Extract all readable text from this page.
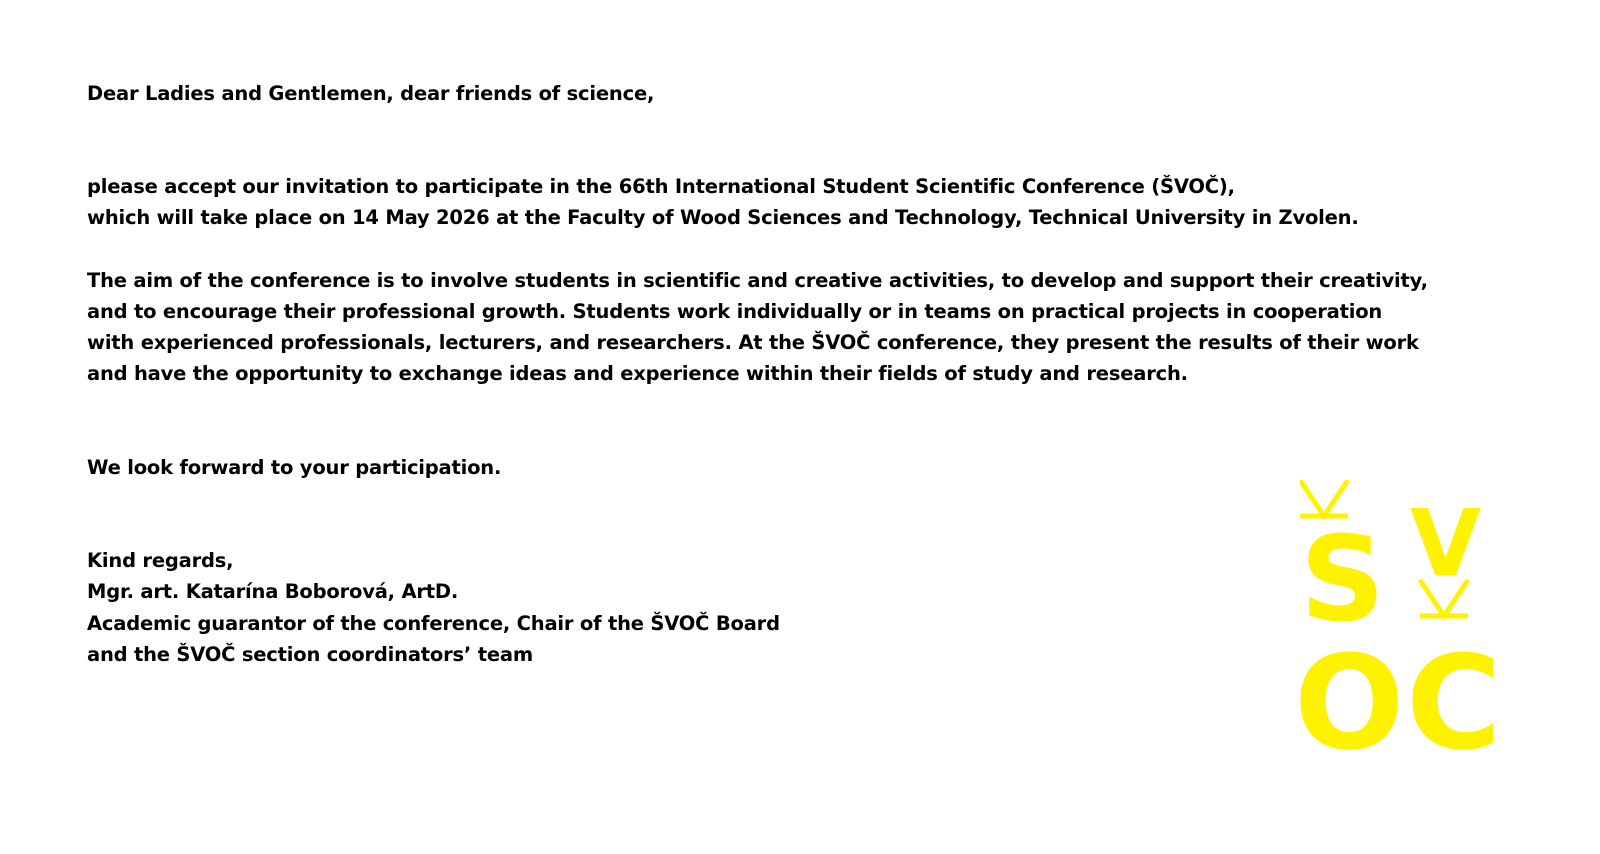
Dear Ladies and Gentlemen, dear friends of science,
please accept our invitation to participate in the 66th International Student Scientific Conference (ŠVOČ),
which will take place on 14 May 2026 at the Faculty of Wood Sciences and Technology, Technical University in Zvolen.
The aim of the conference is to involve students in scientific and creative activities, to develop and support their creativity,
and to encourage their professional growth. Students work individually or in teams on practical projects in cooperation
with experienced professionals, lecturers, and researchers. At the ŠVOČ conference, they present the results of their work
and have the opportunity to exchange ideas and experience within their fields of study and research.
We look forward to your participation.
Kind regards,
Mgr. art. Katarína Boborová, ArtD.
Academic guarantor of the conference, Chair of the ŠVOČ Board
and the ŠVOČ section coordinators’ team
S V
O C
